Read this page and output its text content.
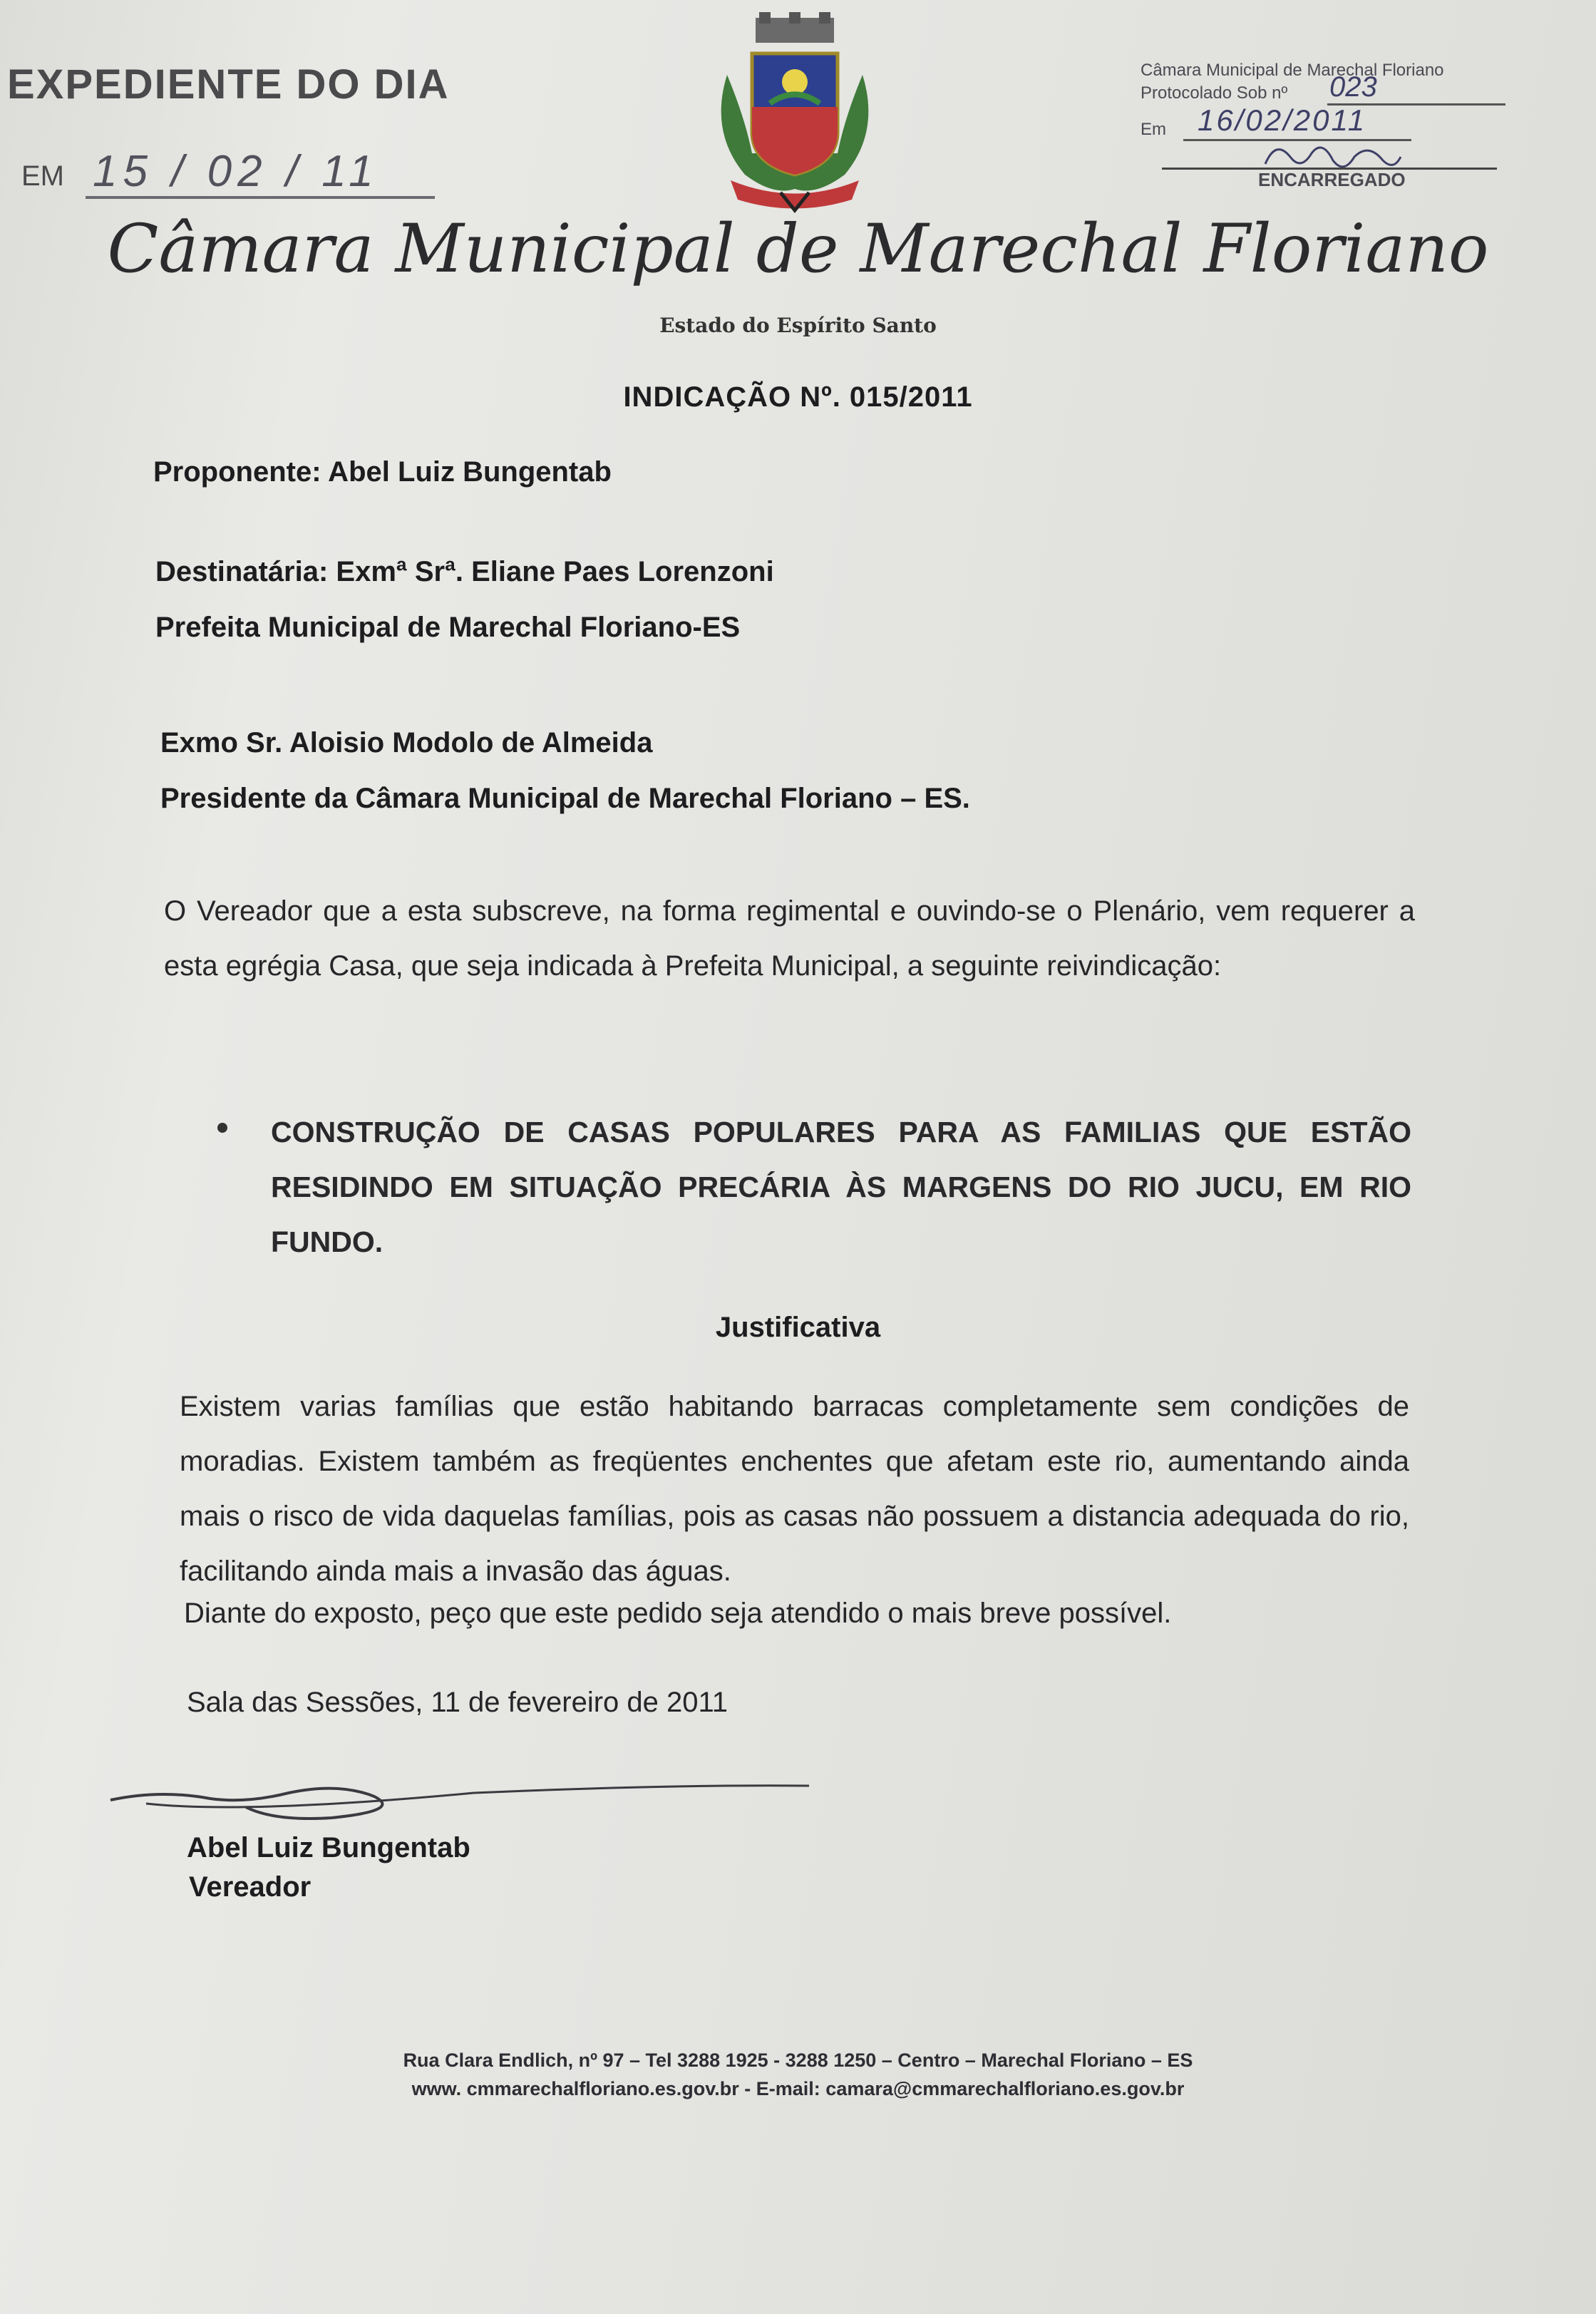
EXPEDIENTE DO DIA
EM 15 / 02 / 11
Câmara Municipal de Marechal Floriano
Protocolado Sob nº 023
Em 16/02/2011
ENCARREGADO
Câmara Municipal de Marechal Floriano
Estado do Espírito Santo
INDICAÇÃO Nº. 015/2011
Proponente: Abel Luiz Bungentab
Destinatária: Exmª Srª. Eliane Paes Lorenzoni
Prefeita Municipal de Marechal Floriano-ES
Exmo Sr. Aloisio Modolo de Almeida
Presidente da Câmara Municipal de Marechal Floriano – ES.
O Vereador que a esta subscreve, na forma regimental e ouvindo-se o Plenário, vem requerer a esta egrégia Casa, que seja indicada à Prefeita Municipal, a seguinte reivindicação:
CONSTRUÇÃO DE CASAS POPULARES PARA AS FAMILIAS QUE ESTÃO RESIDINDO EM SITUAÇÃO PRECÁRIA ÀS MARGENS DO RIO JUCU, EM RIO FUNDO.
Justificativa
Existem varias famílias que estão habitando barracas completamente sem condições de moradias. Existem também as freqüentes enchentes que afetam este rio, aumentando ainda mais o risco de vida daquelas famílias, pois as casas não possuem a distancia adequada do rio, facilitando ainda mais a invasão das águas.
Diante do exposto, peço que este pedido seja atendido o mais breve possível.
Sala das Sessões, 11 de fevereiro de 2011
Abel Luiz Bungentab
Vereador
Rua Clara Endlich, nº 97 – Tel 3288 1925 - 3288 1250 – Centro – Marechal Floriano – ES
www. cmmarechalfloriano.es.gov.br - E-mail: camara@cmmarechalfloriano.es.gov.br
